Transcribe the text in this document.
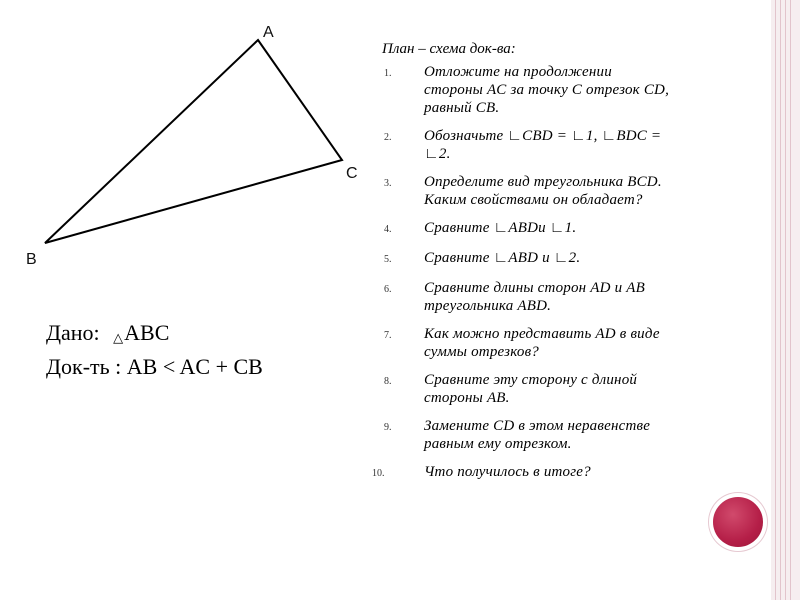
A
C
B
Дано: △ABC
Док-ть : AB < AC + CB
План – схема док-ва:
1.	Отложите на продолжении
стороны AC за точку C отрезок CD,
равный CB.
2.	Обозначьте ∟CBD = ∟1, ∟BDC =
∟2.
3.	Определите вид треугольника BCD.
Каким свойствами он обладает?
4.	Сравните ∟ABDи ∟1.
5.	Сравните ∟ABD и ∟2.
6.	Сравните длины сторон AD и AB
треугольника ABD.
7.	Как можно представить AD в виде
суммы отрезков?
8.	Сравните эту сторону с длиной
стороны AB.
9.	Замените CD в этом неравенстве
равным ему отрезком.
10.	Что получилось в итоге?
